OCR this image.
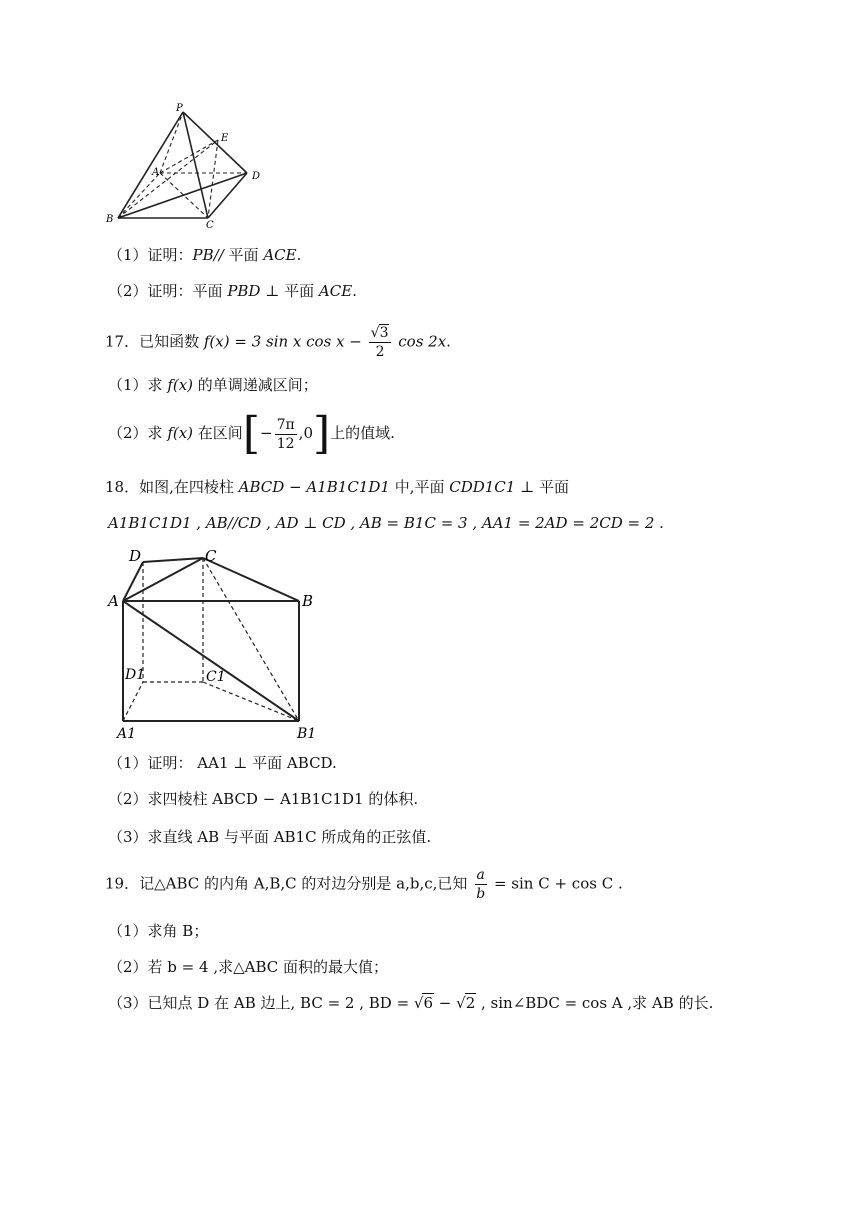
P
E
A	D
B
C
（1）证明：PB// 平面 ACE.
（2）证明：平面 PBD ⊥ 平面 ACE.
17．已知函数 f(x) = 3 sin x $\cos x - \frac{√3}{2}$ cos 2x.
（1）求 f(x) 的单调递减区间；
（2）求 f(x) 在区间[− $\frac{7\pi}{12} ,0$]上的值域.
18．如图,在四棱柱 ABCD − A1B1C1D1 中,平面 CDD1C1 ⊥ 平面
A1B1C1D1 , AB//CD , AD ⊥ CD , AB = B1C = 3 , AA1 = 2AD = 2CD = 2 .
D	C
A	B
D1	C1
A1	B1
（1）证明： AA1 ⊥ 平面 ABCD.
（2）求四棱柱 ABCD − A1B1C1D1 的体积.
（3）求直线 AB 与平面 AB1C 所成角的正弦值.
19．记△ABC 的内角 A,B,C 的对边分别是 a,b,c,已知 $\frac{a}{b} = \sin C + \cos C$ .
（1）求角 B；
（2）若 b = 4 ,求△ABC 面积的最大值；
（3）已知点 D 在 AB 边上, BC = 2 , BD = √6 − √2 , sin∠BDC = cos A ,求 AB 的长.
